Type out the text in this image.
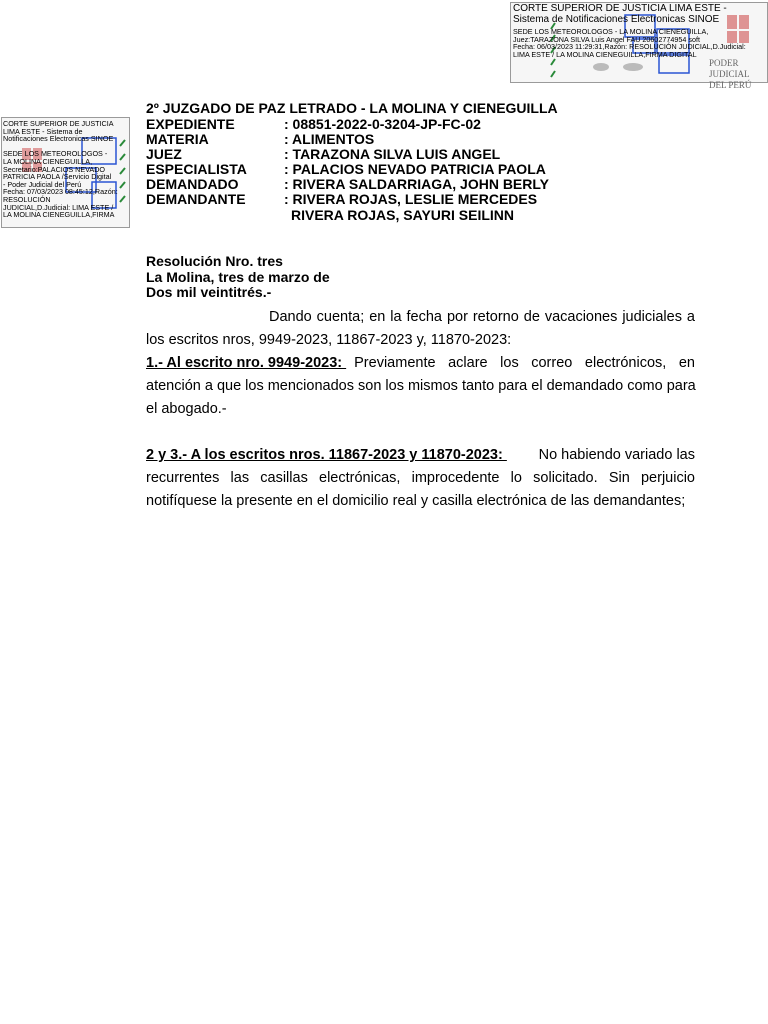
CORTE SUPERIOR DE JUSTICIA LIMA ESTE -
Sistema de Notificaciones Electronicas SINOE
SEDE LOS METEOROLOGOS - LA MOLINA CIENEGUILLA,
Juez:TARAZONA SILVA Luis Angel FAU 20602774954 soft
Fecha: 06/03/2023 11:29:31,Razón: RESOLUCIÓN JUDICIAL,D.Judicial:
LIMA ESTE / LA MOLINA CIENEGUILLA,FIRMA DIGITAL
PODER JUDICIAL DEL PERÚ
CORTE SUPERIOR DE JUSTICIA
LIMA ESTE - Sistema de
Notificaciones Electronicas SINOE
SEDE LOS METEOROLOGOS -
LA MOLINA CIENEGUILLA,
Secretario:PALACIOS NEVADO
PATRICIA PAOLA /Servicio Digital
- Poder Judicial del Perú
Fecha: 07/03/2023 08:45:12,Razón:
RESOLUCIÓN
JUDICIAL,D.Judicial: LIMA ESTE /
LA MOLINA CIENEGUILLA,FIRMA
2º JUZGADO DE PAZ LETRADO - LA MOLINA Y CIENEGUILLA
EXPEDIENTE	: 08851-2022-0-3204-JP-FC-02
MATERIA	: ALIMENTOS
JUEZ	: TARAZONA SILVA LUIS ANGEL
ESPECIALISTA	: PALACIOS NEVADO PATRICIA PAOLA
DEMANDADO	: RIVERA SALDARRIAGA, JOHN BERLY
DEMANDANTE	: RIVERA ROJAS, LESLIE MERCEDES
RIVERA ROJAS, SAYURI SEILINN
Resolución Nro. tres
La Molina, tres de marzo de
Dos mil veintitrés.-
Dando cuenta; en la fecha por retorno de vacaciones judiciales a
los escritos nros, 9949-2023, 11867-2023 y, 11870-2023:
1.- Al escrito nro. 9949-2023: Previamente aclare los correo electrónicos, en
atención a que los mencionados son los mismos tanto para el demandado como para
el abogado.-
2 y 3.- A los escritos nros. 11867-2023 y 11870-2023:	No habiendo variado las
recurrentes las casillas electrónicas, improcedente lo solicitado. Sin perjuicio
notifíquese la presente en el domicilio real y casilla electrónica de las demandantes;
